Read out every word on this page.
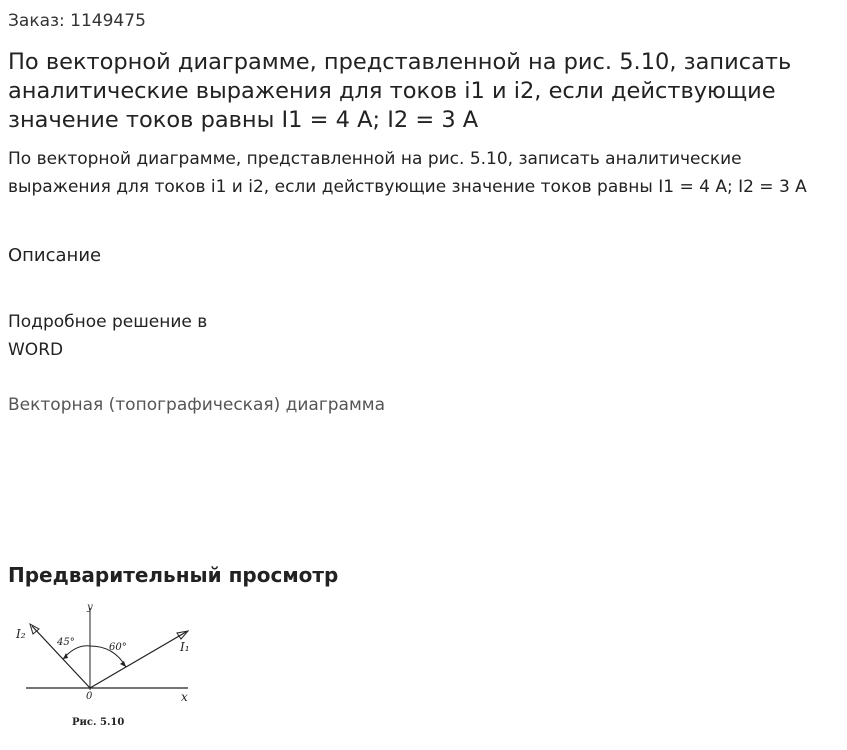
Заказ: 1149475
По векторной диаграмме, представленной на рис. 5.10, записать аналитические выражения для токов i1 и i2, если действующие значение токов равны I1 = 4 А; I2 = 3 А
По векторной диаграмме, представленной на рис. 5.10, записать аналитические выражения для токов i1 и i2, если действующие значение токов равны I1 = 4 А; I2 = 3 А
Описание
Подробное решение в WORD
Векторная (топографическая) диаграмма
Предварительный просмотр
y
x
0
I₂
I₁
45°	60°
Рис. 5.10
